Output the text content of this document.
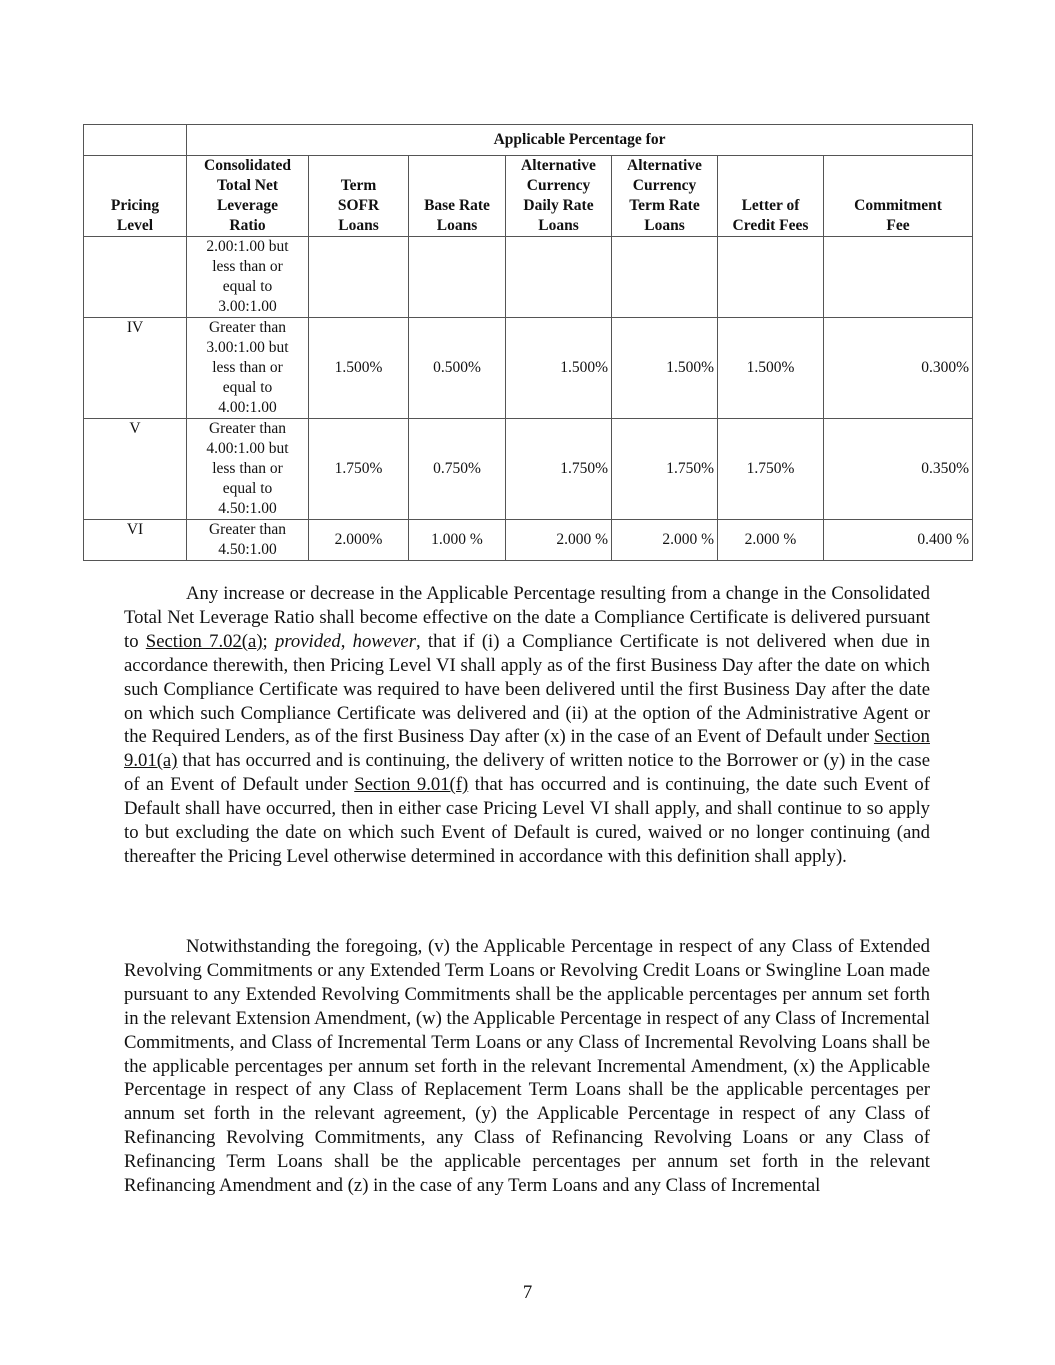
	Applicable Percentage for						
Pricing
Level	Consolidated
Total Net
Leverage
Ratio	Term
SOFR
Loans	Base Rate
Loans	Alternative
Currency
Daily Rate
Loans	Alternative
Currency
Term Rate
Loans	Letter of
Credit Fees	Commitment
Fee
	2.00:1.00 but
less than or
equal to
3.00:1.00						
IV	Greater than
3.00:1.00 but
less than or
equal to
4.00:1.00	1.500%	0.500%	1.500%	1.500%	1.500%	0.300%
V	Greater than
4.00:1.00 but
less than or
equal to
4.50:1.00	1.750%	0.750%	1.750%	1.750%	1.750%	0.350%
VI	Greater than
4.50:1.00	2.000%	1.000 %	2.000 %	2.000 %	2.000 %	0.400 %

Any increase or decrease in the Applicable Percentage resulting from a change in the Consolidated Total Net Leverage Ratio shall become effective on the date a Compliance Certificate is delivered pursuant to Section 7.02(a); provided, however, that if (i) a Compliance Certificate is not delivered when due in accordance therewith, then Pricing Level VI shall apply as of the first Business Day after the date on which such Compliance Certificate was required to have been delivered until the first Business Day after the date on which such Compliance Certificate was delivered and (ii) at the option of the Administrative Agent or the Required Lenders, as of the first Business Day after (x) in the case of an Event of Default under Section 9.01(a) that has occurred and is continuing, the delivery of written notice to the Borrower or (y) in the case of an Event of Default under Section 9.01(f) that has occurred and is continuing, the date such Event of Default shall have occurred, then in either case Pricing Level VI shall apply, and shall continue to so apply to but excluding the date on which such Event of Default is cured, waived or no longer continuing (and thereafter the Pricing Level otherwise determined in accordance with this definition shall apply).

Notwithstanding the foregoing, (v) the Applicable Percentage in respect of any Class of Extended Revolving Commitments or any Extended Term Loans or Revolving Credit Loans or Swingline Loan made pursuant to any Extended Revolving Commitments shall be the applicable percentages per annum set forth in the relevant Extension Amendment, (w) the Applicable Percentage in respect of any Class of Incremental Commitments, and Class of Incremental Term Loans or any Class of Incremental Revolving Loans shall be the applicable percentages per annum set forth in the relevant Incremental Amendment, (x) the Applicable Percentage in respect of any Class of Replacement Term Loans shall be the applicable percentages per annum set forth in the relevant agreement, (y) the Applicable Percentage in respect of any Class of Refinancing Revolving Commitments, any Class of Refinancing Revolving Loans or any Class of Refinancing Term Loans shall be the applicable percentages per annum set forth in the relevant Refinancing Amendment and (z) in the case of any Term Loans and any Class of Incremental

7
